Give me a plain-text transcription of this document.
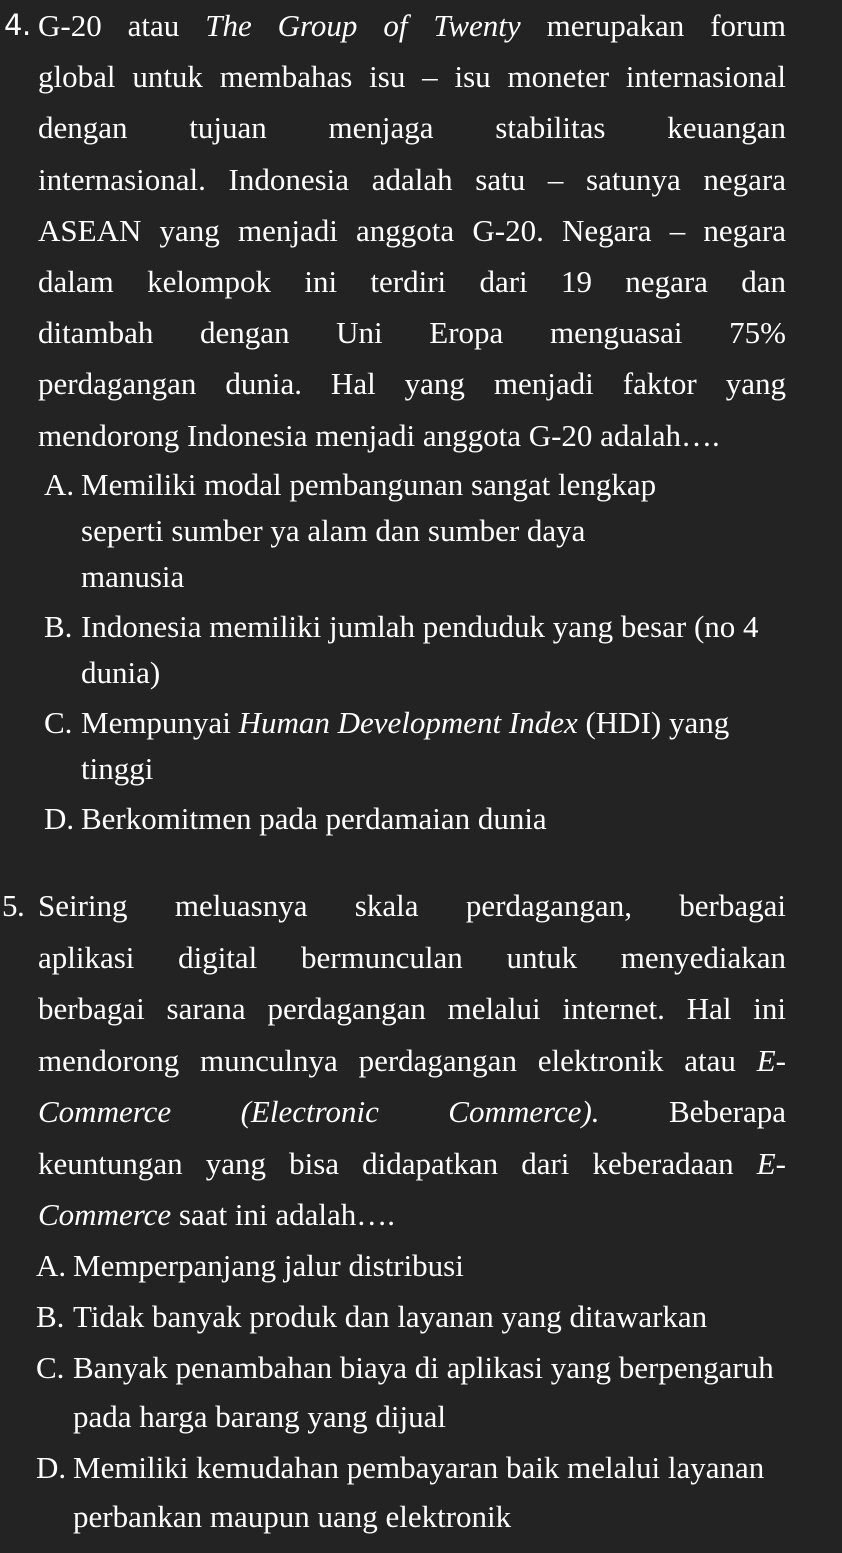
4. G-20 atau The Group of Twenty merupakan forum
global untuk membahas isu – isu moneter internasional
dengan tujuan menjaga stabilitas keuangan
internasional. Indonesia adalah satu – satunya negara
ASEAN yang menjadi anggota G-20. Negara – negara
dalam kelompok ini terdiri dari 19 negara dan
ditambah dengan Uni Eropa menguasai 75%
perdagangan dunia. Hal yang menjadi faktor yang
mendorong Indonesia menjadi anggota G-20 adalah….
A. Memiliki modal pembangunan sangat lengkap
seperti sumber ya alam dan sumber daya
manusia
B. Indonesia memiliki jumlah penduduk yang besar (no 4
dunia)
C. Mempunyai Human Development Index (HDI) yang
tinggi
D. Berkomitmen pada perdamaian dunia
5. Seiring meluasnya skala perdagangan, berbagai
aplikasi digital bermunculan untuk menyediakan
berbagai sarana perdagangan melalui internet. Hal ini
mendorong munculnya perdagangan elektronik atau E-
Commerce (Electronic Commerce). Beberapa
keuntungan yang bisa didapatkan dari keberadaan E-
Commerce saat ini adalah….
A. Memperpanjang jalur distribusi
B. Tidak banyak produk dan layanan yang ditawarkan
C. Banyak penambahan biaya di aplikasi yang berpengaruh
pada harga barang yang dijual
D. Memiliki kemudahan pembayaran baik melalui layanan
perbankan maupun uang elektronik
